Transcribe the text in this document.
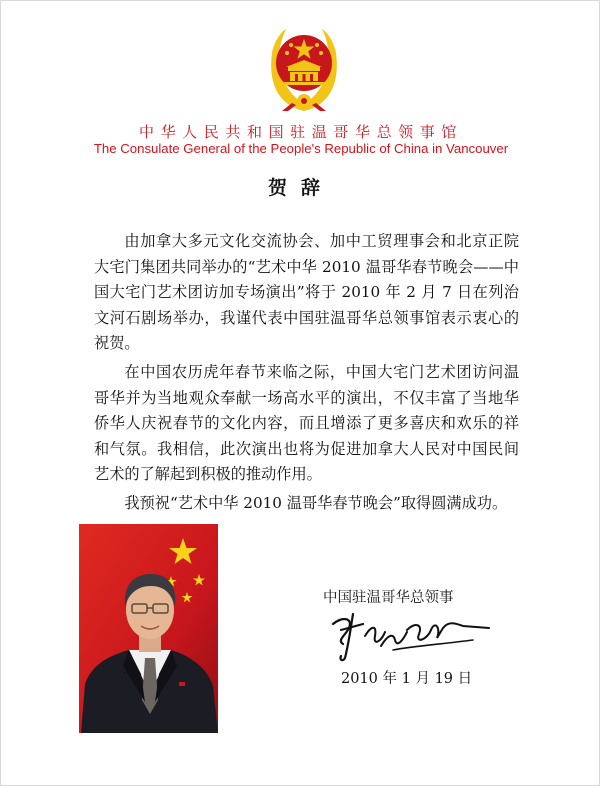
中华人民共和国驻温哥华总领事馆
The Consulate General of the People's Republic of China in Vancouver
贺辞

由加拿大多元文化交流协会、加中工贸理事会和北京正院大宅门集团共同举办的“艺术中华 2010 温哥华春节晚会——中国大宅门艺术团访加专场演出”将于 2010 年 2 月 7 日在列治文河石剧场举办，我谨代表中国驻温哥华总领事馆表示衷心的祝贺。

在中国农历虎年春节来临之际，中国大宅门艺术团访问温哥华并为当地观众奉献一场高水平的演出，不仅丰富了当地华侨华人庆祝春节的文化内容，而且增添了更多喜庆和欢乐的祥和气氛。我相信，此次演出也将为促进加拿大人民对中国民间艺术的了解起到积极的推动作用。

我预祝“艺术中华 2010 温哥华春节晚会”取得圆满成功。

中国驻温哥华总领事
2010 年 1 月 19 日
